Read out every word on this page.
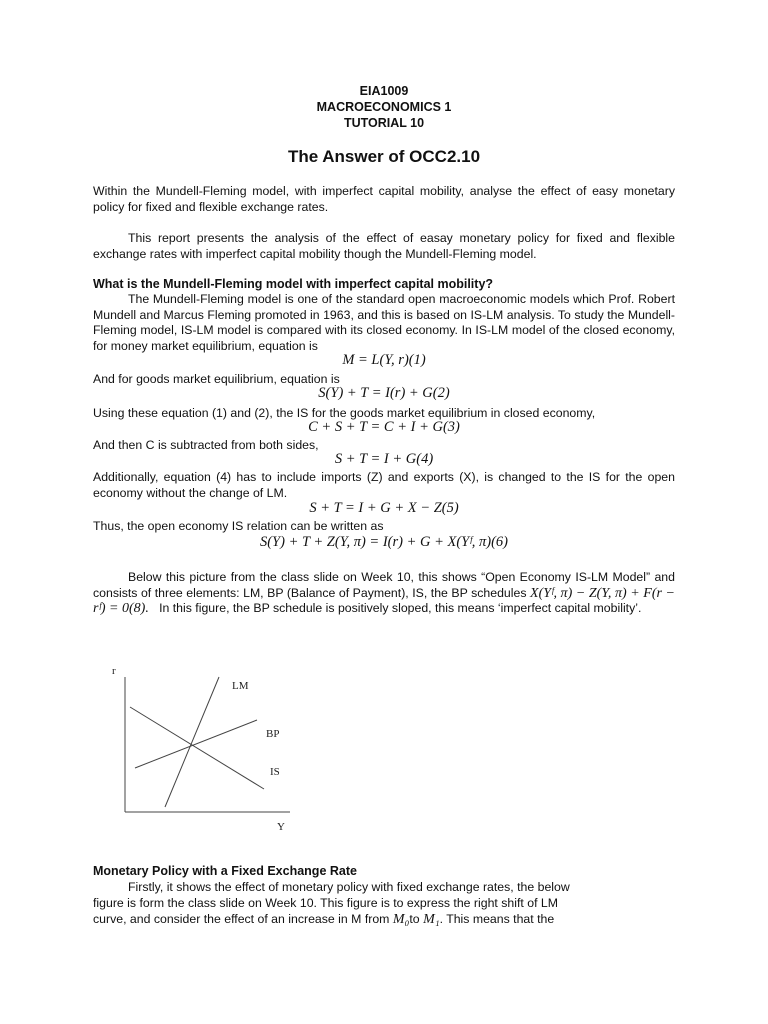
EIA1009
MACROECONOMICS 1
TUTORIAL 10
The Answer of OCC2.10
Within the Mundell-Fleming model, with imperfect capital mobility, analyse the effect of easy monetary policy for fixed and flexible exchange rates.
This report presents the analysis of the effect of easay monetary policy for fixed and flexible exchange rates with imperfect capital mobility though the Mundell-Fleming model.
What is the Mundell-Fleming model with imperfect capital mobility?
The Mundell-Fleming model is one of the standard open macroeconomic models which Prof. Robert Mundell and Marcus Fleming promoted in 1963, and this is based on IS-LM analysis. To study the Mundell-Fleming model, IS-LM model is compared with its closed economy. In IS-LM model of the closed economy, for money market equilibrium, equation is
M = L(Y, r)(1)
And for goods market equilibrium, equation is
S(Y) + T = I(r) + G(2)
Using these equation (1) and (2), the IS for the goods market equilibrium in closed economy,
C + S + T = C + I + G(3)
And then C is subtracted from both sides,
S + T = I + G(4)
Additionally, equation (4) has to include imports (Z) and exports (X), is changed to the IS for the open economy without the change of LM.
S + T = I + G + X − Z(5)
Thus, the open economy IS relation can be written as
S(Y) + T + Z(Y, π) = I(r) + G + X(Yᶠ, π)(6)
Below this picture from the class slide on Week 10, this shows “Open Economy IS-LM Model” and consists of three elements: LM, BP (Balance of Payment), IS, the BP schedules X(Yᶠ, π) − Z(Y, π) + F(r − rᶠ) = 0(8). In this figure, the BP schedule is positively sloped, this means ‘imperfect capital mobility’.
r
Y
LM
BP
IS
Monetary Policy with a Fixed Exchange Rate
Firstly, it shows the effect of monetary policy with fixed exchange rates, the below
figure is form the class slide on Week 10. This figure is to express the right shift of LM
curve, and consider the effect of an increase in M from M₀to M₁. This means that the
